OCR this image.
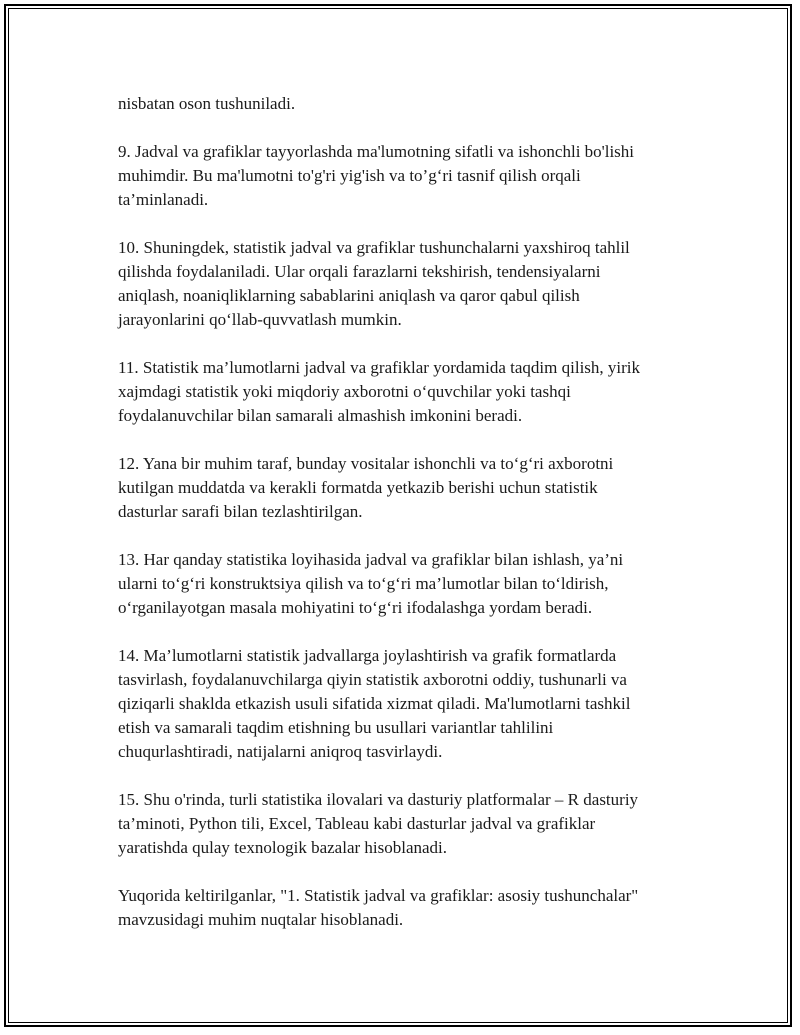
nisbatan oson tushuniladi.

9. Jadval va grafiklar tayyorlashda ma'lumotning sifatli va ishonchli bo'lishi
muhimdir. Bu ma'lumotni to'g'ri yig'ish va to’g‘ri tasnif qilish orqali
ta’minlanadi.

10. Shuningdek, statistik jadval va grafiklar tushunchalarni yaxshiroq tahlil
qilishda foydalaniladi. Ular orqali farazlarni tekshirish, tendensiyalarni
aniqlash, noaniqliklarning sabablarini aniqlash va qaror qabul qilish
jarayonlarini qo‘llab-quvvatlash mumkin.

11. Statistik ma’lumotlarni jadval va grafiklar yordamida taqdim qilish, yirik
xajmdagi statistik yoki miqdoriy axborotni o‘quvchilar yoki tashqi
foydalanuvchilar bilan samarali almashish imkonini beradi.

12. Yana bir muhim taraf, bunday vositalar ishonchli va to‘g‘ri axborotni
kutilgan muddatda va kerakli formatda yetkazib berishi uchun statistik
dasturlar sarafi bilan tezlashtirilgan.

13. Har qanday statistika loyihasida jadval va grafiklar bilan ishlash, ya’ni
ularni to‘g‘ri konstruktsiya qilish va to‘g‘ri ma’lumotlar bilan to‘ldirish,
o‘rganilayotgan masala mohiyatini to‘g‘ri ifodalashga yordam beradi.

14. Ma’lumotlarni statistik jadvallarga joylashtirish va grafik formatlarda
tasvirlash, foydalanuvchilarga qiyin statistik axborotni oddiy, tushunarli va
qiziqarli shaklda etkazish usuli sifatida xizmat qiladi. Ma'lumotlarni tashkil
etish va samarali taqdim etishning bu usullari variantlar tahlilini
chuqurlashtiradi, natijalarni aniqroq tasvirlaydi.

15. Shu o'rinda, turli statistika ilovalari va dasturiy platformalar – R dasturiy
ta’minoti, Python tili, Excel, Tableau kabi dasturlar jadval va grafiklar
yaratishda qulay texnologik bazalar hisoblanadi.

Yuqorida keltirilganlar, "1. Statistik jadval va grafiklar: asosiy tushunchalar"
mavzusidagi muhim nuqtalar hisoblanadi.
